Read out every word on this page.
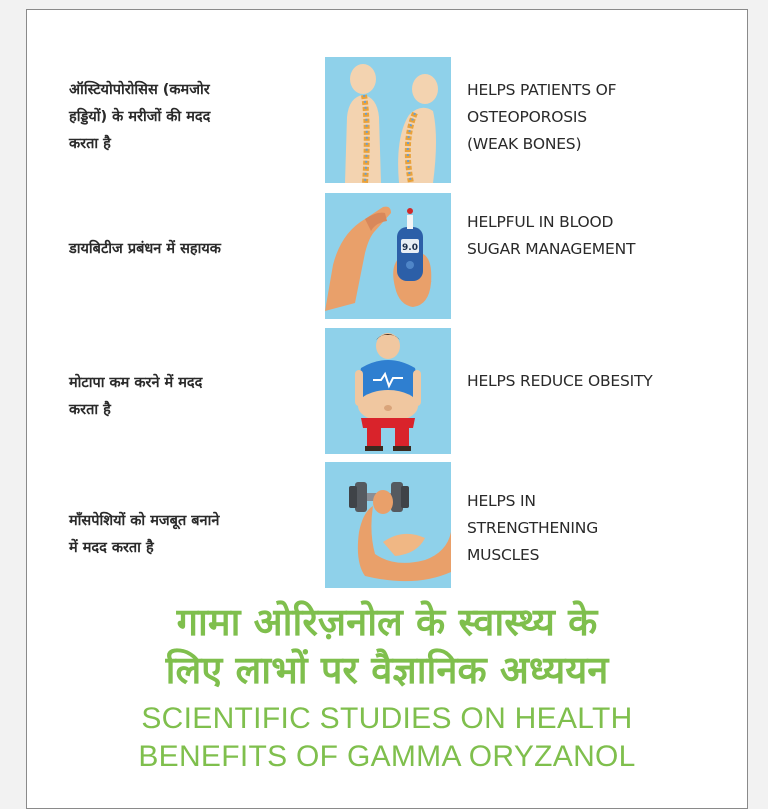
ऑस्टियोपोरोसिस (कमजोर
हड्डियों) के मरीजों की मदद
करता है
HELPS PATIENTS OF
OSTEOPOROSIS
(WEAK BONES)
डायबिटीज प्रबंधन में सहायक	9.0
HELPFUL IN BLOOD
SUGAR MANAGEMENT
मोटापा कम करने में मदद
करता है
HELPS REDUCE OBESITY
माँसपेशियों को मजबूत बनाने
में मदद करता है
HELPS IN
STRENGTHENING
MUSCLES
गामा ओरिज़नोल के स्वास्थ्य के
लिए लाभों पर वैज्ञानिक अध्ययन
SCIENTIFIC STUDIES ON HEALTH
BENEFITS OF GAMMA ORYZANOL
